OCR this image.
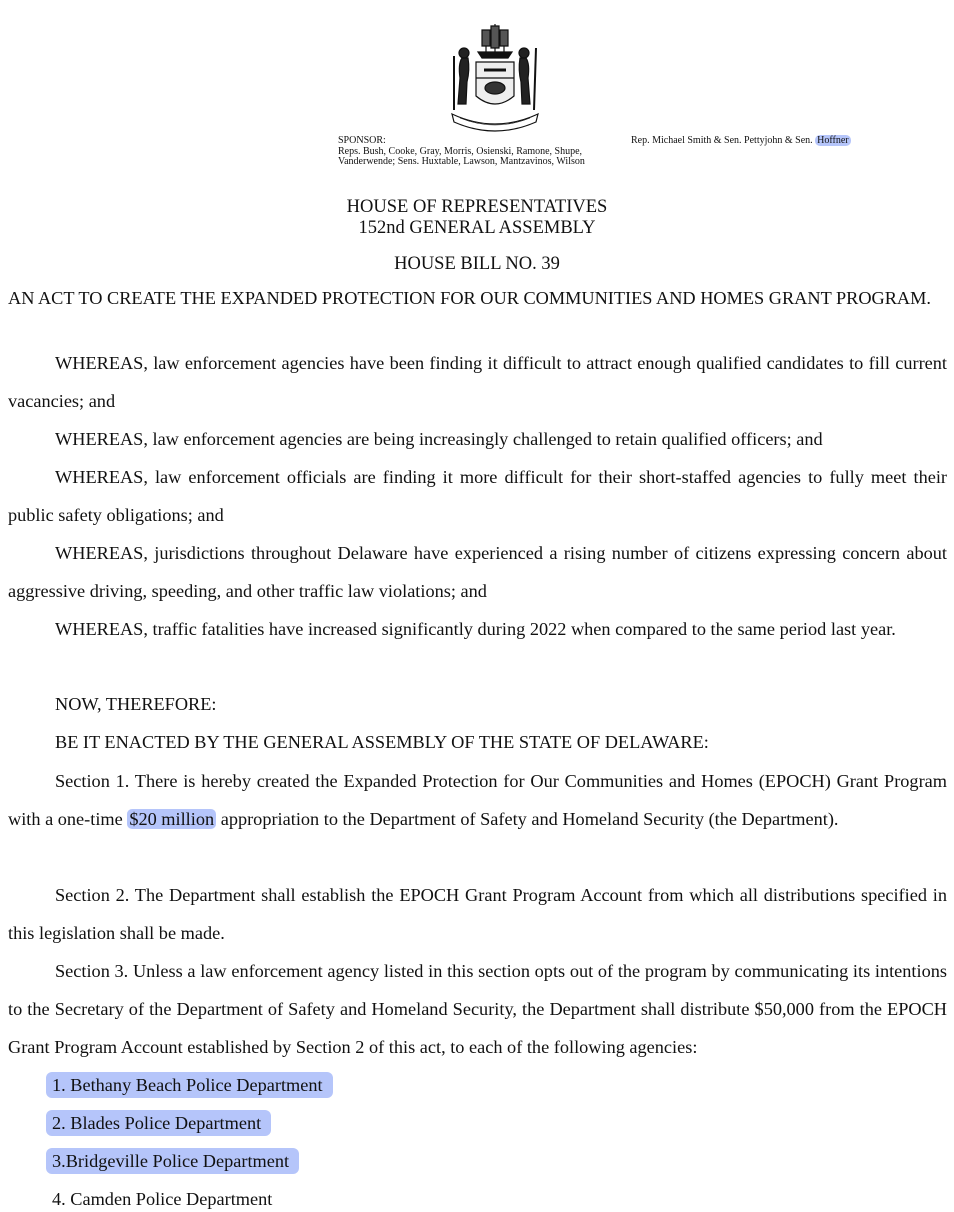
SPONSOR:

Reps. Bush, Cooke, Gray, Morris, Osienski, Ramone, Shupe, Vanderwende; Sens. Huxtable, Lawson, Mantzavinos, Wilson
Rep. Michael Smith & Sen. Pettyjohn & Sen. Hoffner
HOUSE OF REPRESENTATIVES
152nd GENERAL ASSEMBLY
HOUSE BILL NO. 39
AN ACT TO CREATE THE EXPANDED PROTECTION FOR OUR COMMUNITIES AND HOMES GRANT PROGRAM.

WHEREAS, law enforcement agencies have been finding it difficult to attract enough qualified candidates to fill current vacancies; and

WHEREAS, law enforcement agencies are being increasingly challenged to retain qualified officers; and

WHEREAS, law enforcement officials are finding it more difficult for their short-staffed agencies to fully meet their public safety obligations; and

WHEREAS, jurisdictions throughout Delaware have experienced a rising number of citizens expressing concern about aggressive driving, speeding, and other traffic law violations; and

WHEREAS, traffic fatalities have increased significantly during 2022 when compared to the same period last year.

NOW, THEREFORE:
BE IT ENACTED BY THE GENERAL ASSEMBLY OF THE STATE OF DELAWARE:

Section 1. There is hereby created the Expanded Protection for Our Communities and Homes (EPOCH) Grant Program with a one-time $20 million appropriation to the Department of Safety and Homeland Security (the Department).

Section 2. The Department shall establish the EPOCH Grant Program Account from which all distributions specified in this legislation shall be made.

Section 3. Unless a law enforcement agency listed in this section opts out of the program by communicating its intentions to the Secretary of the Department of Safety and Homeland Security, the Department shall distribute $50,000 from the EPOCH Grant Program Account established by Section 2 of this act, to each of the following agencies:

1. Bethany Beach Police Department
2. Blades Police Department
3.Bridgeville Police Department
4. Camden Police Department
